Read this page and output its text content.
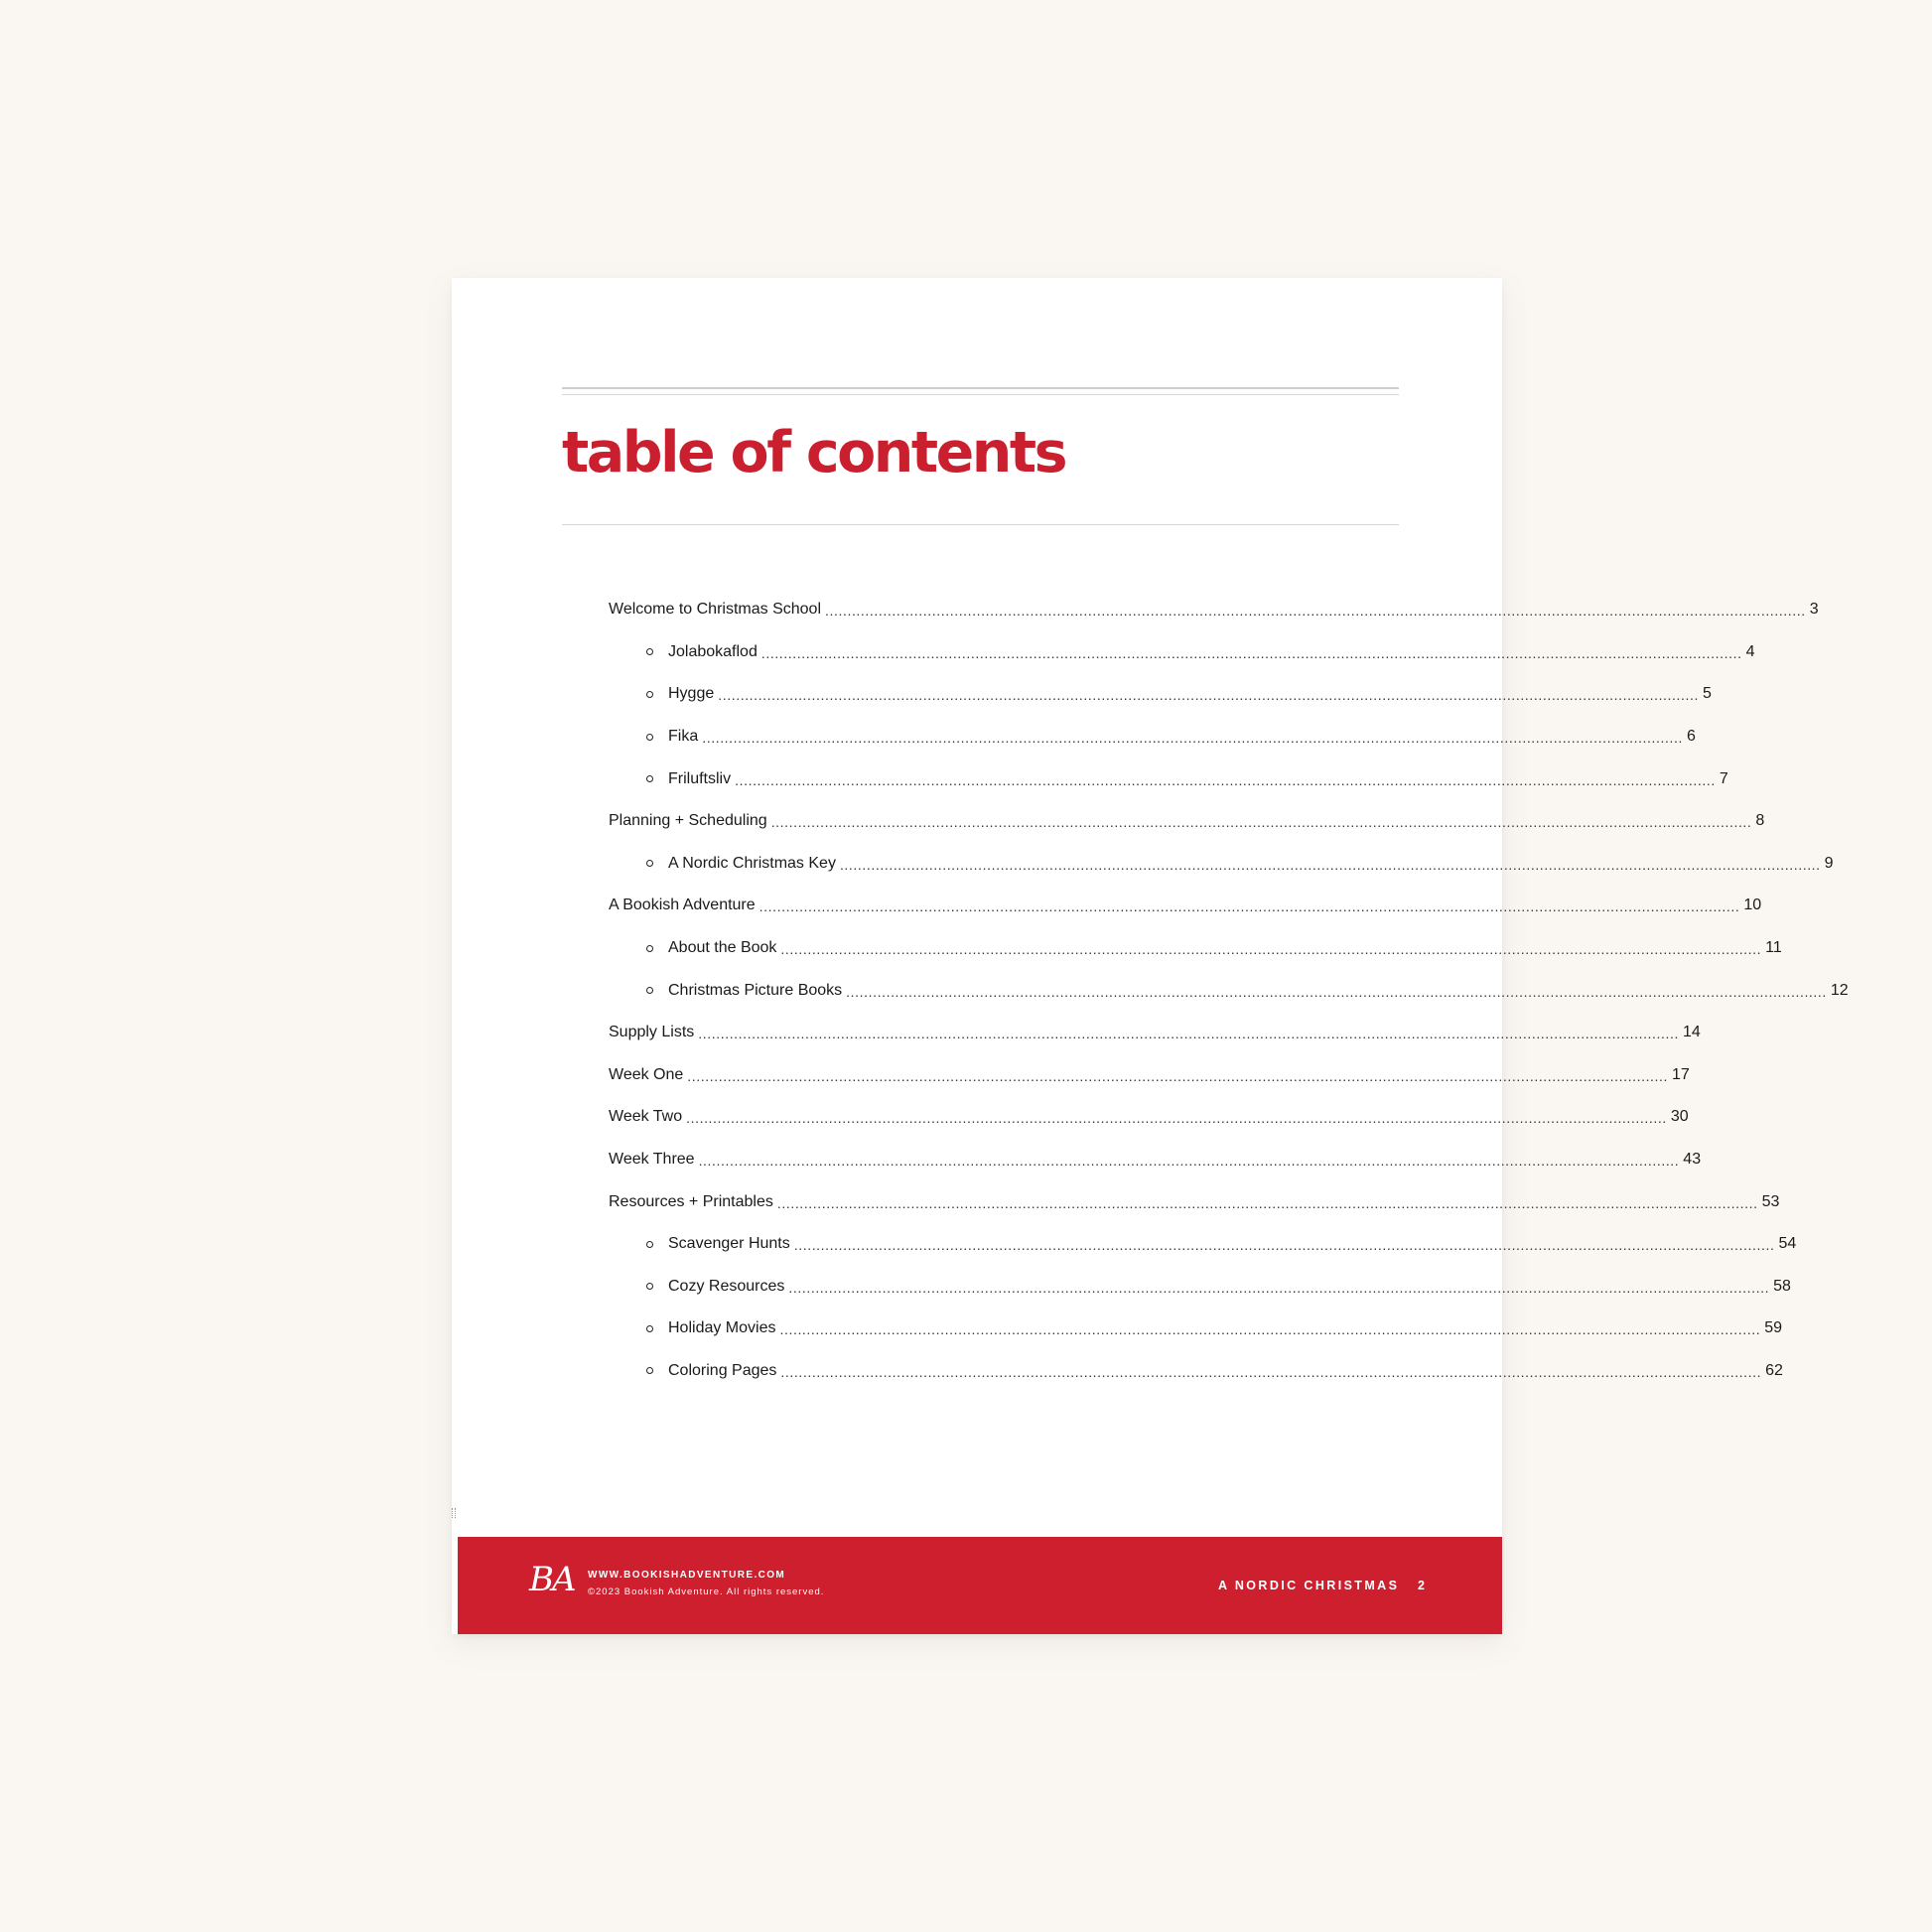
table of contents
Welcome to Christmas School ............................................................................................................................................................................................................................ 3
Jolabokaflod ............................................................................................................................................................................................................................ 4
Hygge ............................................................................................................................................................................................................................ 5
Fika ............................................................................................................................................................................................................................ 6
Friluftsliv ............................................................................................................................................................................................................................ 7
Planning + Scheduling ............................................................................................................................................................................................................................ 8
A Nordic Christmas Key ............................................................................................................................................................................................................................ 9
A Bookish Adventure ............................................................................................................................................................................................................................ 10
About the Book ............................................................................................................................................................................................................................ 11
Christmas Picture Books ............................................................................................................................................................................................................................ 12
Supply Lists ............................................................................................................................................................................................................................ 14
Week One ............................................................................................................................................................................................................................ 17
Week Two ............................................................................................................................................................................................................................ 30
Week Three ............................................................................................................................................................................................................................ 43
Resources + Printables ............................................................................................................................................................................................................................ 53
Scavenger Hunts ............................................................................................................................................................................................................................ 54
Cozy Resources ............................................................................................................................................................................................................................ 58
Holiday Movies ............................................................................................................................................................................................................................ 59
Coloring Pages ............................................................................................................................................................................................................................ 62
BA WWW.BOOKISHADVENTURE.COM
©2023 Bookish Adventure. All rights reserved.	A NORDIC CHRISTMAS 2
